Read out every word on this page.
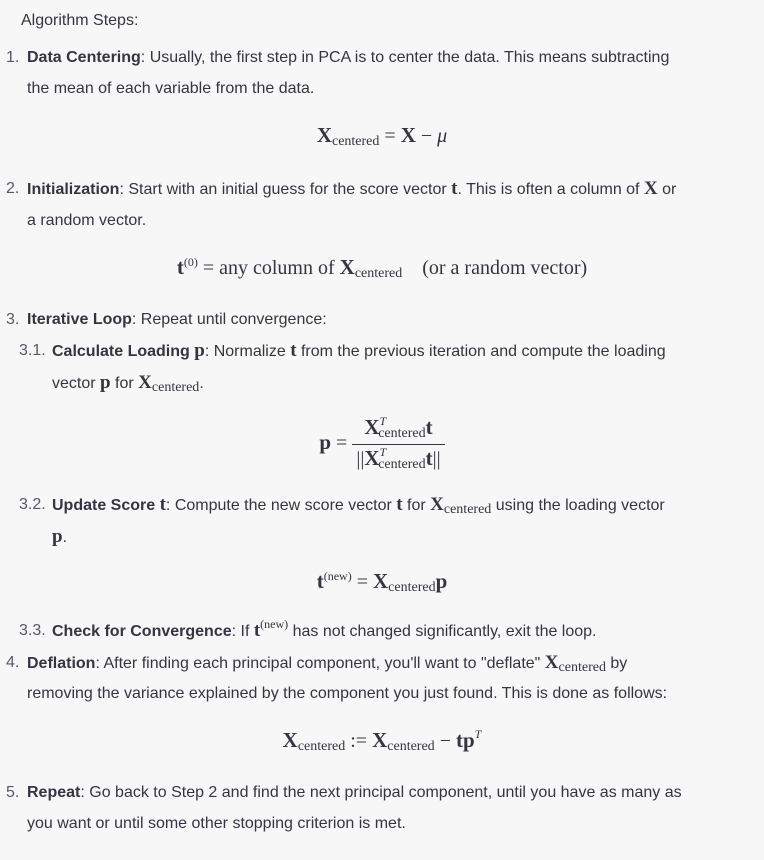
Algorithm Steps:
1. Data Centering: Usually, the first step in PCA is to center the data. This means subtracting
the mean of each variable from the data.
Xcentered = X − μ
2. Initialization: Start with an initial guess for the score vector t. This is often a column of X or
a random vector.
$t^{(0)}$ = any column of Xcentered (or a random vector)
3. Iterative Loop: Repeat until convergence:
3.1. Calculate Loading p: Normalize t from the previous iteration and compute the loading
vector p for Xcentered.
$p = \frac{X^Tcenteredt}{||X^Tcenteredt||}$
3.2. Update Score t: Compute the new score vector t for Xcentered using the loading vector
p.
$t^{(new)}$ = Xcenteredp
3.3. Check for Convergence: If $t^{(new)}$ has not changed significantly, exit the loop.
4. Deflation: After finding each principal component, you'll want to "deflate" Xcentered by
removing the variance explained by the component you just found. This is done as follows:
Xcentered := Xcentered − $tp^T$
5. Repeat: Go back to Step 2 and find the next principal component, until you have as many as
you want or until some other stopping criterion is met.
